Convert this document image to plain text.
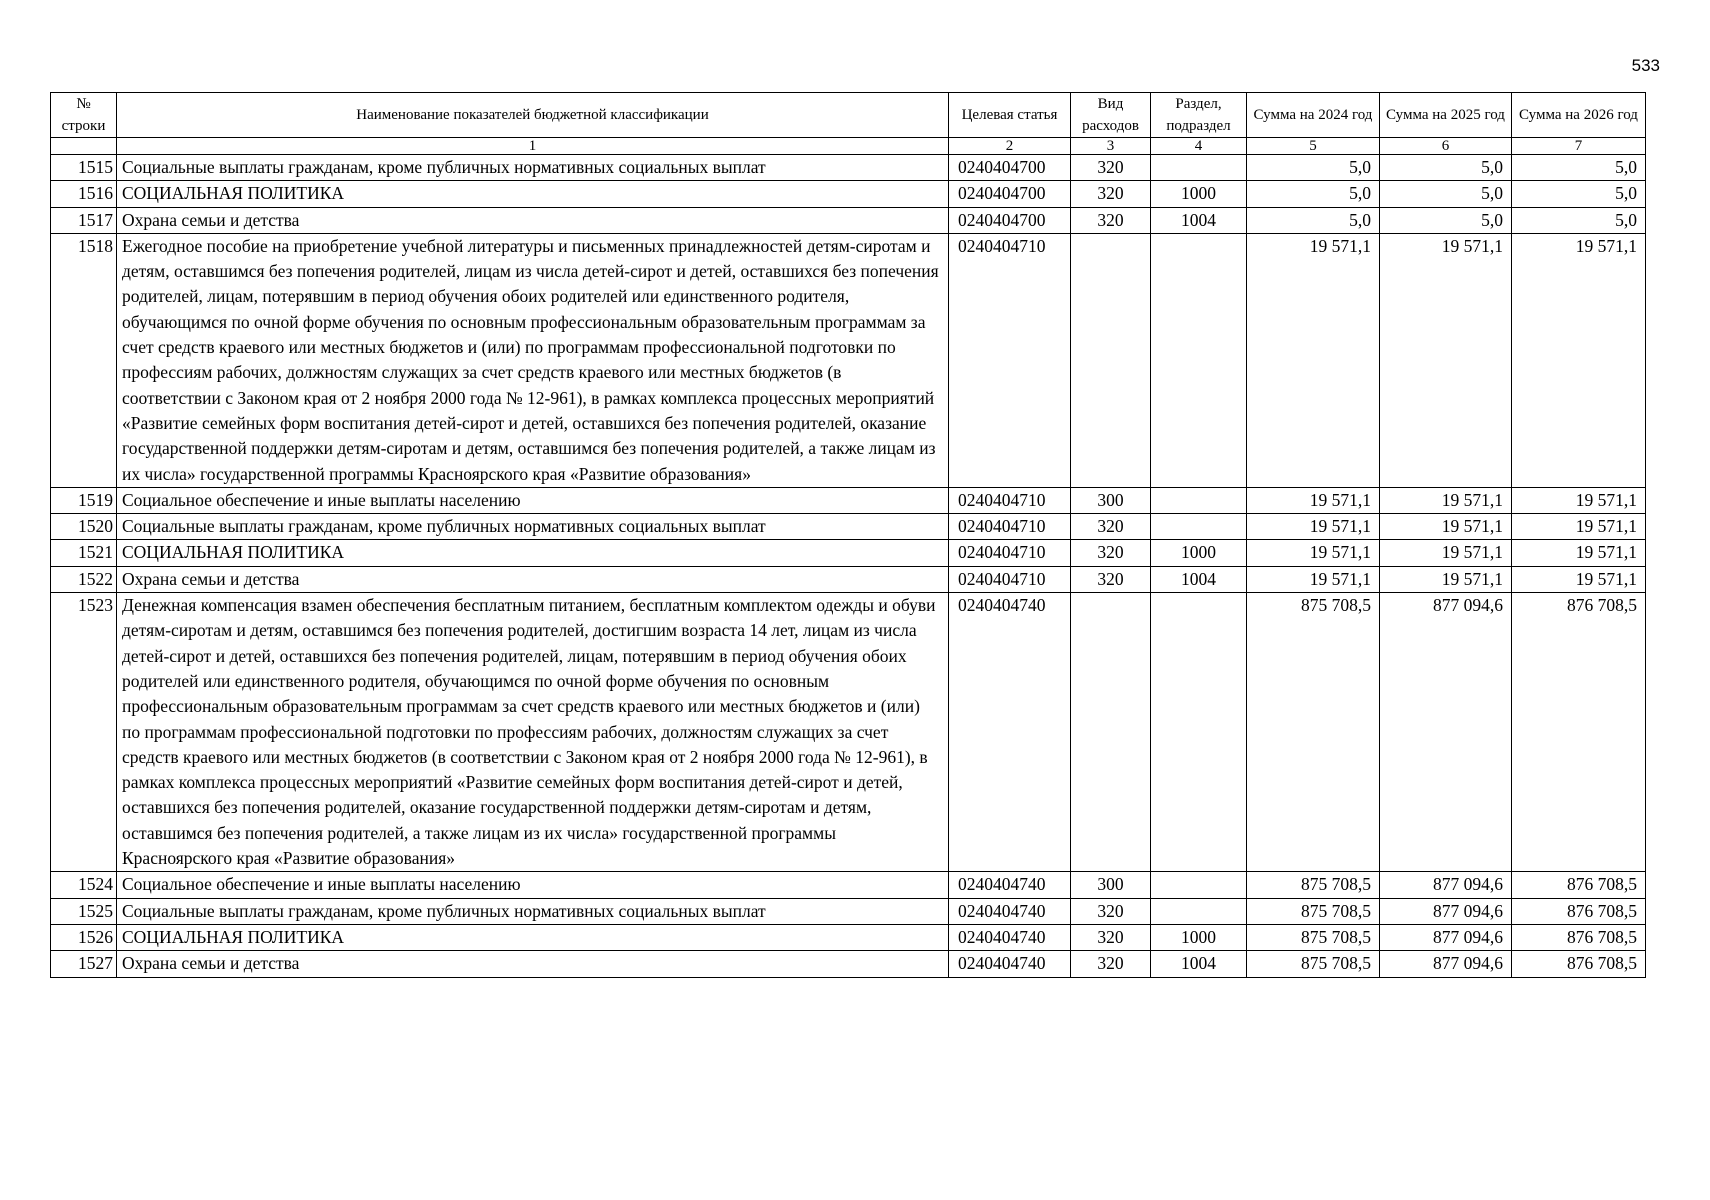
533
№ строки	Наименование показателей бюджетной классификации	Целевая статья	Вид расходов	Раздел, подраздел	Сумма на 2024 год	Сумма на 2025 год	Сумма на 2026 год
	1	2	3	4	5	6	7
1515	Социальные выплаты гражданам, кроме публичных нормативных социальных выплат	0240404700	320		5,0	5,0	5,0
1516	СОЦИАЛЬНАЯ ПОЛИТИКА	0240404700	320	1000	5,0	5,0	5,0
1517	Охрана семьи и детства	0240404700	320	1004	5,0	5,0	5,0
1518	Ежегодное пособие на приобретение учебной литературы и письменных принадлежностей детям-сиротам и детям, оставшимся без попечения родителей, лицам из числа детей-сирот и детей, оставшихся без попечения родителей, лицам, потерявшим в период обучения обоих родителей или единственного родителя, обучающимся по очной форме обучения по основным профессиональным образовательным программам за счет средств краевого или местных бюджетов и (или) по программам профессиональной подготовки по профессиям рабочих, должностям служащих за счет средств краевого или местных бюджетов (в соответствии с Законом края от 2 ноября 2000 года № 12-961), в рамках комплекса процессных мероприятий «Развитие семейных форм воспитания детей-сирот и детей, оставшихся без попечения родителей, оказание государственной поддержки детям-сиротам и детям, оставшимся без попечения родителей, а также лицам из их числа» государственной программы Красноярского края «Развитие образования»	0240404710			19 571,1	19 571,1	19 571,1
1519	Социальное обеспечение и иные выплаты населению	0240404710	300		19 571,1	19 571,1	19 571,1
1520	Социальные выплаты гражданам, кроме публичных нормативных социальных выплат	0240404710	320		19 571,1	19 571,1	19 571,1
1521	СОЦИАЛЬНАЯ ПОЛИТИКА	0240404710	320	1000	19 571,1	19 571,1	19 571,1
1522	Охрана семьи и детства	0240404710	320	1004	19 571,1	19 571,1	19 571,1
1523	Денежная компенсация взамен обеспечения бесплатным питанием, бесплатным комплектом одежды и обуви детям-сиротам и детям, оставшимся без попечения родителей, достигшим возраста 14 лет, лицам из числа детей-сирот и детей, оставшихся без попечения родителей, лицам, потерявшим в период обучения обоих родителей или единственного родителя, обучающимся по очной форме обучения по основным профессиональным образовательным программам за счет средств краевого или местных бюджетов и (или) по программам профессиональной подготовки по профессиям рабочих, должностям служащих за счет средств краевого или местных бюджетов (в соответствии с Законом края от 2 ноября 2000 года № 12-961), в рамках комплекса процессных мероприятий «Развитие семейных форм воспитания детей-сирот и детей, оставшихся без попечения родителей, оказание государственной поддержки детям-сиротам и детям, оставшимся без попечения родителей, а также лицам из их числа» государственной программы Красноярского края «Развитие образования»	0240404740			875 708,5	877 094,6	876 708,5
1524	Социальное обеспечение и иные выплаты населению	0240404740	300		875 708,5	877 094,6	876 708,5
1525	Социальные выплаты гражданам, кроме публичных нормативных социальных выплат	0240404740	320		875 708,5	877 094,6	876 708,5
1526	СОЦИАЛЬНАЯ ПОЛИТИКА	0240404740	320	1000	875 708,5	877 094,6	876 708,5
1527	Охрана семьи и детства	0240404740	320	1004	875 708,5	877 094,6	876 708,5
